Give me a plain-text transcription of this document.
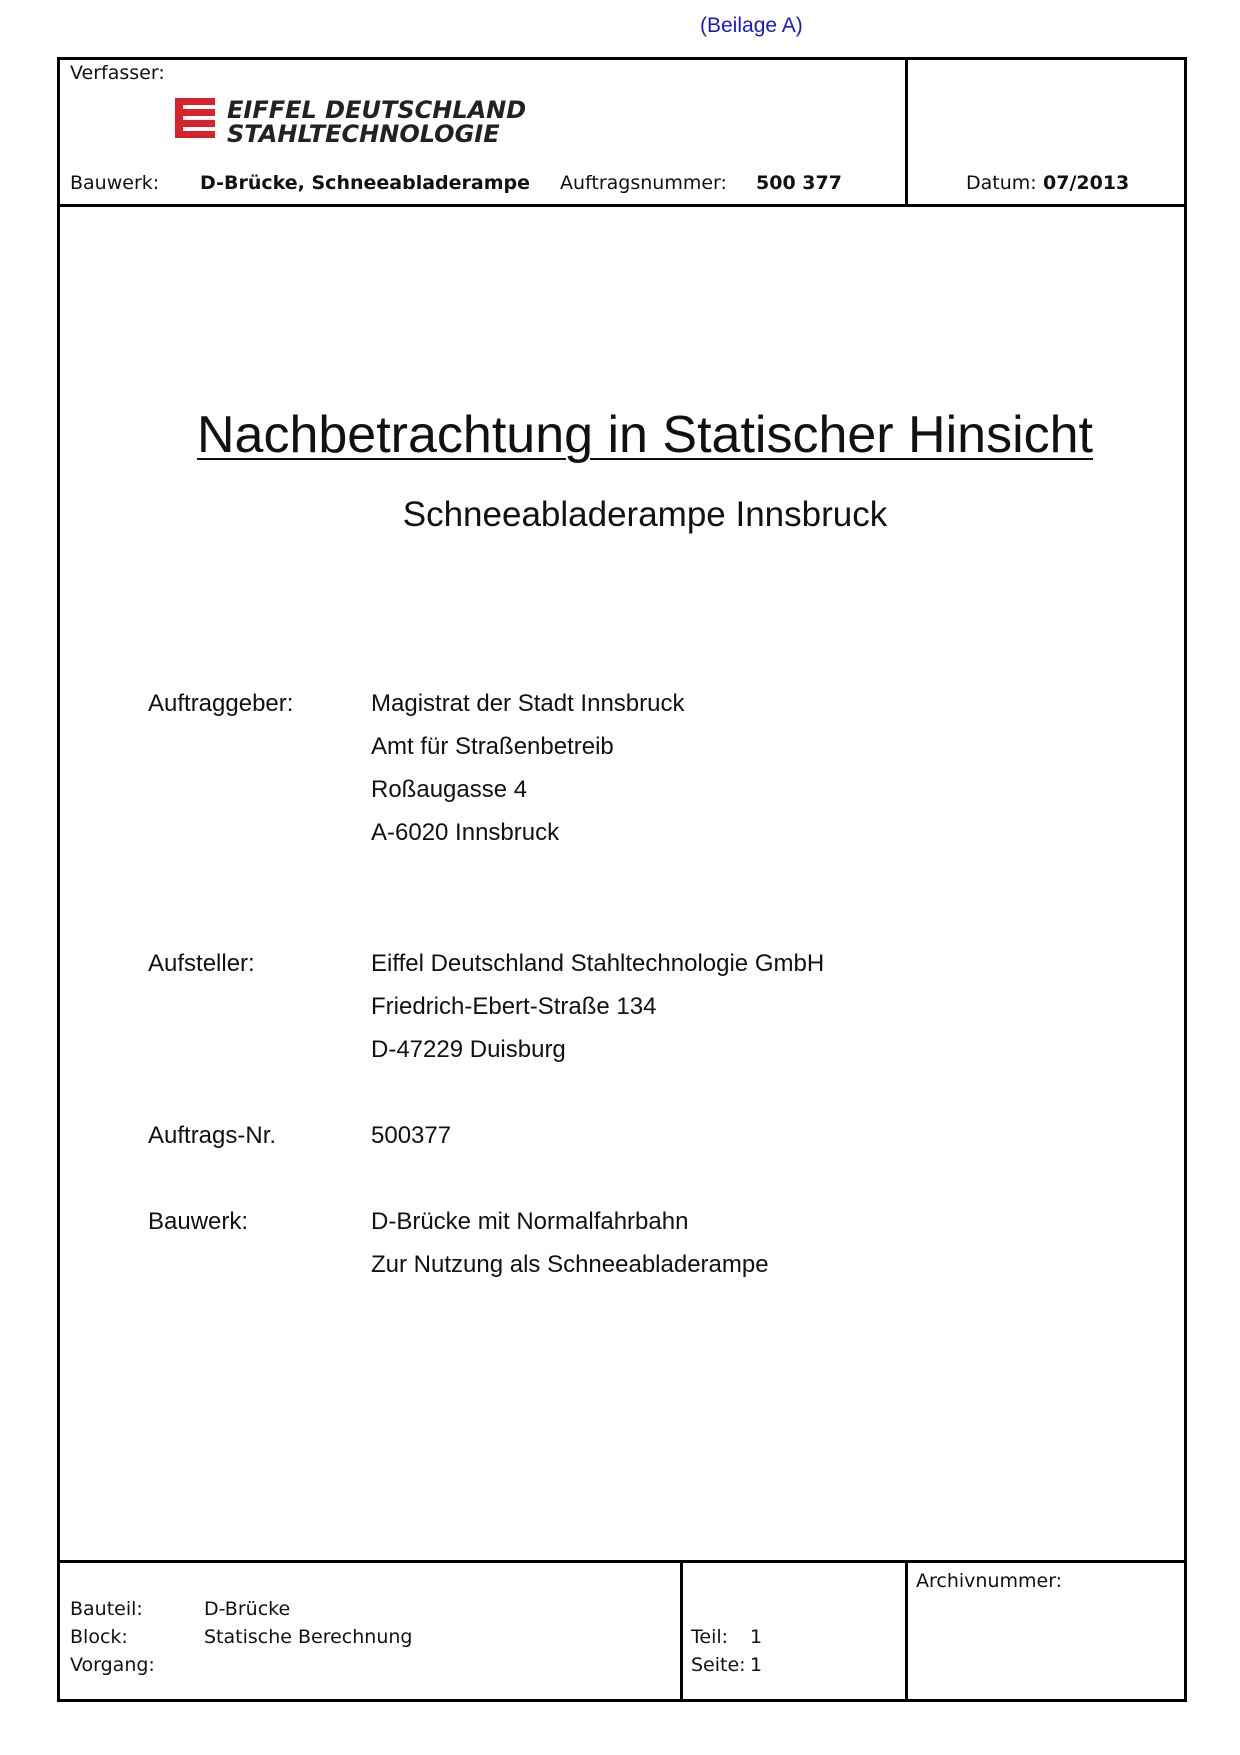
(Beilage A)
Verfasser:
EIFFEL DEUTSCHLAND
STAHLTECHNOLOGIE
Bauwerk: D-Brücke, Schneeabladerampe Auftragsnummer: 500 377	Datum: 07/2013
Nachbetrachtung in Statischer Hinsicht
Schneeabladerampe Innsbruck
Auftraggeber:	Magistrat der Stadt Innsbruck
Amt für Straßenbetreib
Roßaugasse 4
A-6020 Innsbruck
Aufsteller:	Eiffel Deutschland Stahltechnologie GmbH
Friedrich-Ebert-Straße 134
D-47229 Duisburg
Auftrags-Nr.	500377
Bauwerk:	D-Brücke mit Normalfahrbahn
Zur Nutzung als Schneeabladerampe
Bauteil:	D-Brücke
Block:	Statische Berechnung
Vorgang:
Teil: 1
Seite: 1
Archivnummer:
